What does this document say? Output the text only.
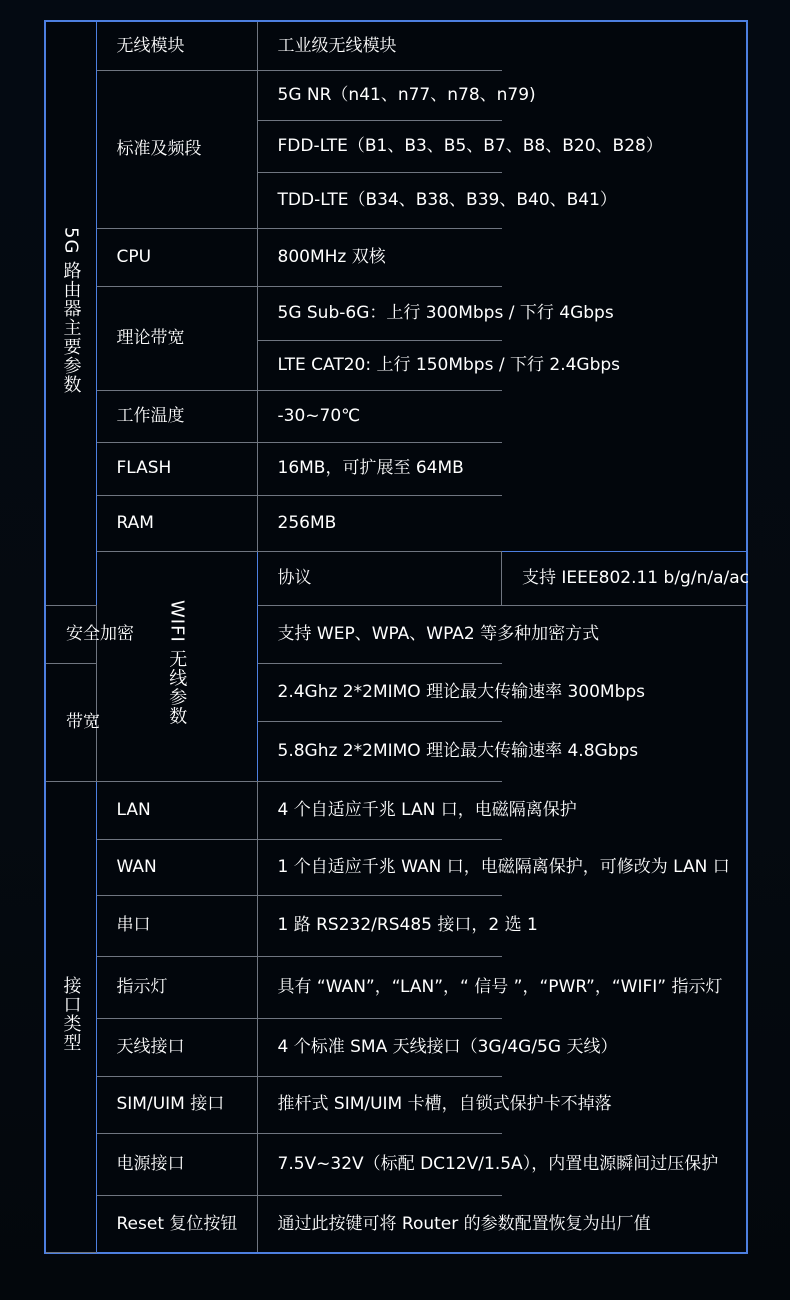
5G 路由器主要参数	无线模块	工业级无线模块	
	标准及频段	5G NR（n41、n77、n78、n79)	
		FDD-LTE（B1、B3、B5、B7、B8、B20、B28）	
		TDD-LTE（B34、B38、B39、B40、B41）	
	CPU	800MHz 双核	
	理论带宽	5G Sub-6G：上行 300Mbps / 下行 4Gbps	
		LTE CAT20: 上行 150Mbps / 下行 2.4Gbps	
	工作温度	-30~70℃	
	FLASH	16MB，可扩展至 64MB	
	RAM	256MB	
	WIFI 无线参数	协议	支持 IEEE802.11 b/g/n/a/ac
安全加密		支持 WEP、WPA、WPA2 等多种加密方式	
带宽		2.4Ghz 2*2MIMO 理论最大传输速率 300Mbps	
		5.8Ghz 2*2MIMO 理论最大传输速率 4.8Gbps	
接口类型	LAN	4 个自适应千兆 LAN 口，电磁隔离保护	
	WAN	1 个自适应千兆 WAN 口，电磁隔离保护，可修改为 LAN 口	
	串口	1 路 RS232/RS485 接口，2 选 1	
	指示灯	具有 “WAN”，“LAN”，“ 信号 ”，“PWR”，“WIFI” 指示灯	
	天线接口	4 个标准 SMA 天线接口（3G/4G/5G 天线）	
	SIM/UIM 接口	推杆式 SIM/UIM 卡槽，自锁式保护卡不掉落	
	电源接口	7.5V~32V（标配 DC12V/1.5A），内置电源瞬间过压保护	
	Reset 复位按钮	通过此按键可将 Router 的参数配置恢复为出厂值	
